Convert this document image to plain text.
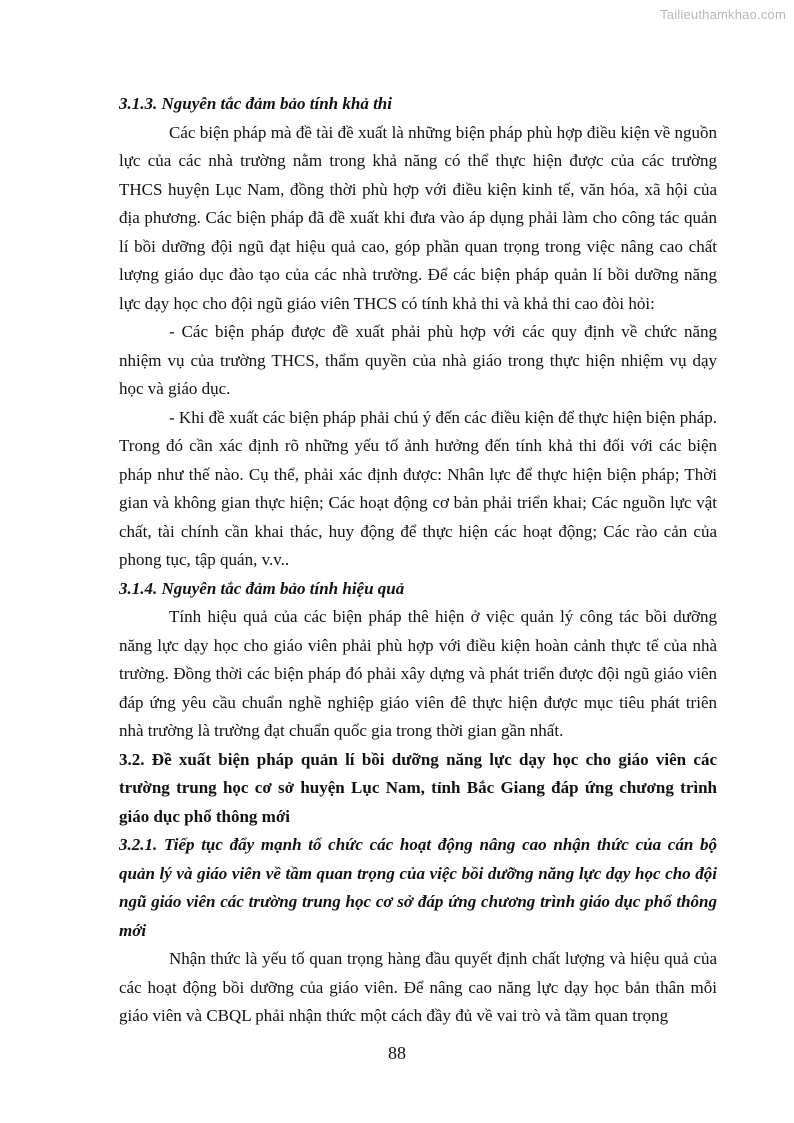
Tailieuthamkhao.com

3.1.3. Nguyên tắc đảm bảo tính khả thi

Các biện pháp mà đề tài đề xuất là những biện pháp phù hợp điều kiện về nguồn lực của các nhà trường nằm trong khả năng có thể thực hiện được của các trường THCS huyện Lục Nam, đồng thời phù hợp với điều kiện kinh tế, văn hóa, xã hội của địa phương. Các biện pháp đã đề xuất khi đưa vào áp dụng phải làm cho công tác quản lí bồi dưỡng đội ngũ đạt hiệu quả cao, góp phần quan trọng trong việc nâng cao chất lượng giáo dục đào tạo của các nhà trường. Để các biện pháp quản lí bồi dưỡng năng lực dạy học cho đội ngũ giáo viên THCS có tính khả thi và khả thi cao đòi hỏi:

- Các biện pháp được đề xuất phải phù hợp với các quy định về chức năng nhiệm vụ của trường THCS, thẩm quyền của nhà giáo trong thực hiện nhiệm vụ dạy học và giáo dục.

- Khi đề xuất các biện pháp phải chú ý đến các điều kiện để thực hiện biện pháp. Trong đó cần xác định rõ những yếu tố ảnh hưởng đến tính khả thi đối với các biện pháp như thế nào. Cụ thể, phải xác định được: Nhân lực để thực hiện biện pháp; Thời gian và không gian thực hiện; Các hoạt động cơ bản phải triển khai; Các nguồn lực vật chất, tài chính cần khai thác, huy động để thực hiện các hoạt động; Các rào cản của phong tục, tập quán, v.v..

3.1.4. Nguyên tắc đảm bảo tính hiệu quả

Tính hiệu quả của các biện pháp thê hiện ở việc quản lý công tác bồi dưỡng năng lực dạy học cho giáo viên phải phù hợp với điều kiện hoàn cảnh thực tế của nhà trường. Đồng thời các biện pháp đó phải xây dựng và phát triển được đội ngũ giáo viên đáp ứng yêu cầu chuẩn nghề nghiệp giáo viên đê thực hiện được mục tiêu phát triên nhà trường là trường đạt chuẩn quốc gia trong thời gian gần nhất.

3.2. Đề xuất biện pháp quản lí bồi dưỡng năng lực dạy học cho giáo viên các trường trung học cơ sở huyện Lục Nam, tỉnh Bắc Giang đáp ứng chương trình giáo dục phổ thông mới

3.2.1. Tiếp tục đẩy mạnh tổ chức các hoạt động nâng cao nhận thức của cán bộ quản lý và giáo viên về tầm quan trọng của việc bồi dưỡng năng lực dạy học cho đội ngũ giáo viên các trường trung học cơ sở đáp ứng chương trình giáo dục phổ thông mới

Nhận thức là yếu tố quan trọng hàng đầu quyết định chất lượng và hiệu quả của các hoạt động bồi dưỡng của giáo viên. Để nâng cao năng lực dạy học bản thân mỗi giáo viên và CBQL phải nhận thức một cách đầy đủ về vai trò và tầm quan trọng

88
